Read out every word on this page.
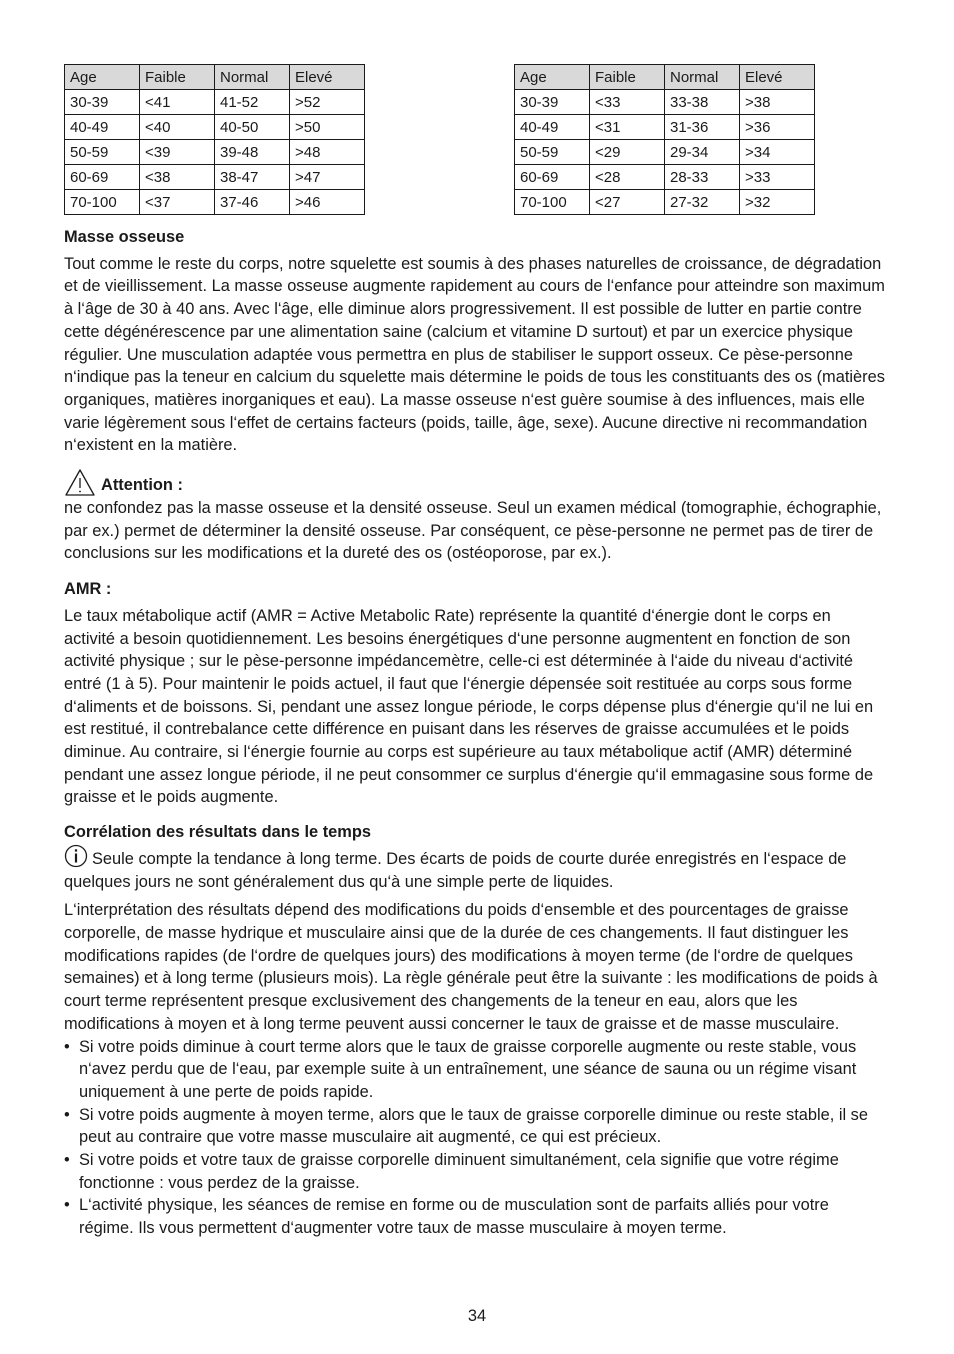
Age	Faible	Normal	Elevé
30-39	<41	41-52	>52
40-49	<40	40-50	>50
50-59	<39	39-48	>48
60-69	<38	38-47	>47
70-100	<37	37-46	>46
Age	Faible	Normal	Elevé
30-39	<33	33-38	>38
40-49	<31	31-36	>36
50-59	<29	29-34	>34
60-69	<28	28-33	>33
70-100	<27	27-32	>32

Masse osseuse

Tout comme le reste du corps, notre squelette est soumis à des phases naturelles de croissance, de dégradation et de vieillissement. La masse osseuse augmente rapidement au cours de l‘enfance pour atteindre son maximum à l‘âge de 30 à 40 ans. Avec l‘âge, elle diminue alors progressivement. Il est possible de lutter en partie contre cette dégénérescence par une alimentation saine (calcium et vitamine D surtout) et par un exercice physique régulier. Une musculation adaptée vous permettra en plus de stabiliser le support osseux. Ce pèse-personne n‘indique pas la teneur en calcium du squelette mais détermine le poids de tous les constituants des os (matières organiques, matières inorganiques et eau). La masse osseuse n‘est guère soumise à des influences, mais elle varie légèrement sous l‘effet de certains facteurs (poids, taille, âge, sexe). Aucune directive ni recommandation n‘existent en la matière.

Attention :

ne confondez pas la masse osseuse et la densité osseuse. Seul un examen médical (tomographie, échographie, par ex.) permet de déterminer la densité osseuse. Par conséquent, ce pèse-personne ne permet pas de tirer de conclusions sur les modifications et la dureté des os (ostéoporose, par ex.).

AMR :

Le taux métabolique actif (AMR = Active Metabolic Rate) représente la quantité d‘énergie dont le corps en activité a besoin quotidiennement. Les besoins énergétiques d‘une personne augmentent en fonction de son activité physique ; sur le pèse-personne impédancemètre, celle-ci est déterminée à l‘aide du niveau d‘activité entré (1 à 5). Pour maintenir le poids actuel, il faut que l‘énergie dépensée soit restituée au corps sous forme d‘aliments et de boissons. Si, pendant une assez longue période, le corps dépense plus d‘énergie qu‘il ne lui en est restitué, il contrebalance cette différence en puisant dans les réserves de graisse accumulées et le poids diminue. Au contraire, si l‘énergie fournie au corps est supérieure au taux métabolique actif (AMR) déterminé pendant une assez longue période, il ne peut consommer ce surplus d‘énergie qu‘il emmagasine sous forme de graisse et le poids augmente.

Corrélation des résultats dans le temps

Seule compte la tendance à long terme. Des écarts de poids de courte durée enregistrés en l‘espace de quelques jours ne sont généralement dus qu‘à une simple perte de liquides.

L‘interprétation des résultats dépend des modifications du poids d‘ensemble et des pourcentages de graisse corporelle, de masse hydrique et musculaire ainsi que de la durée de ces changements. Il faut distinguer les modifications rapides (de l‘ordre de quelques jours) des modifications à moyen terme (de l‘ordre de quelques semaines) et à long terme (plusieurs mois). La règle générale peut être la suivante : les modifications de poids à court terme représentent presque exclusivement des changements de la teneur en eau, alors que les modifications à moyen et à long terme peuvent aussi concerner le taux de graisse et de masse musculaire.

• Si votre poids diminue à court terme alors que le taux de graisse corporelle augmente ou reste stable, vous n‘avez perdu que de l‘eau, par exemple suite à un entraînement, une séance de sauna ou un régime visant uniquement à une perte de poids rapide.
• Si votre poids augmente à moyen terme, alors que le taux de graisse corporelle diminue ou reste stable, il se peut au contraire que votre masse musculaire ait augmenté, ce qui est précieux.
• Si votre poids et votre taux de graisse corporelle diminuent simultanément, cela signifie que votre régime fonctionne : vous perdez de la graisse.
• L‘activité physique, les séances de remise en forme ou de musculation sont de parfaits alliés pour votre régime. Ils vous permettent d‘augmenter votre taux de masse musculaire à moyen terme.
34
